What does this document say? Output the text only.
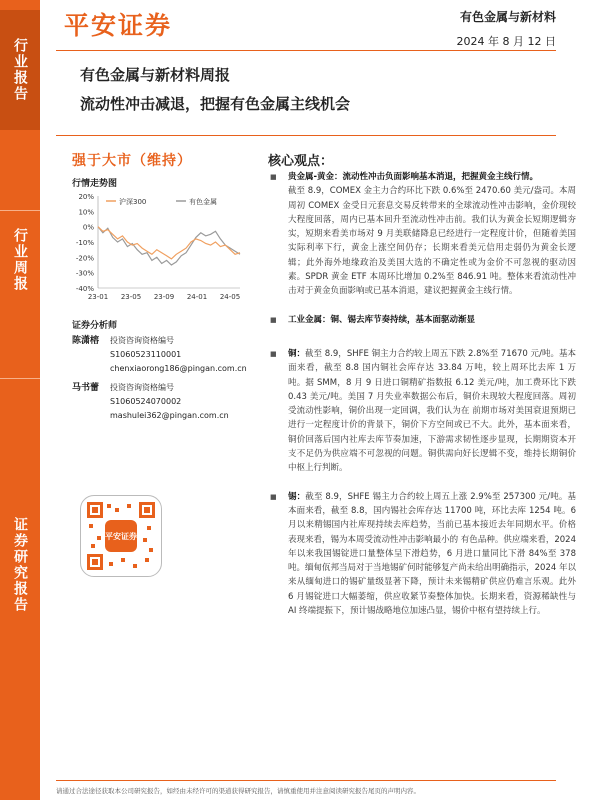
行业报告
行业周报
证券研究报告
平安证券	有色金属与新材料
2024 年 8 月 12 日
有色金属与新材料周报
流动性冲击减退，把握有色金属主线机会
强于大市（维持）	核心观点：
行情走势图
20%
10%
0%
-10%
-20%
-30%
-40%
23-01 23-05 23-09 24-01 24-05
沪深300	有色金属
证券分析师
陈潇榕	投资咨询资格编号
S1060523110001
chenxiaorong186@pingan.com.cn
马书蕾	投资咨询资格编号
S1060524070002
mashulei362@pingan.com.cn
平安证券
■ 贵金属-黄金：流动性冲击负面影响基本消退，把握黄金主线行情。
截至 8.9，COMEX 金主力合约环比下跌 0.6%至 2470.60 美元/盎司。本周周初 COMEX 金受日元套息交易反转带来的全球流动性冲击影响，金价现较大程度回落，周内已基本回升至流动性冲击前。我们认为黄金长短期逻辑夯实，短期来看美市场对 9 月美联储降息已经进行一定程度计价，但随着美国实际利率下行，黄金上涨空间仍存；长期来看美元信用走弱仍为黄金长逻辑；此外海外地缘政治及美国大选的不确定性或为金价不可忽视的驱动因素。SPDR 黄金 ETF 本周环比增加 0.2%至 846.91 吨。整体来看流动性冲击对于黄金负面影响或已基本消退，建议把握黄金主线行情。
■ 工业金属：铜、锡去库节奏持续，基本面驱动渐显
■ 铜：截至 8.9，SHFE 铜主力合约较上周五下跌 2.8%至 71670 元/吨。基本面来看，截至 8.8 国内铜社会库存达 33.84 万吨，较上周环比去库 1 万吨。据 SMM，8 月 9 日进口铜精矿指数报 6.12 美元/吨，加工费环比下跌 0.43 美元/吨。美国 7 月失业率数据公布后，铜价未现较大程度回落。周初受流动性影响，铜价出现一定回调，我们认为在 前期市场对美国衰退预期已进行一定程度计价的背景下，铜价下方空间或已不大。此外，基本面来看，铜价回落后国内社库去库节奏加速，下游需求韧性逐步显现，长期期资本开支不足仍为供应端不可忽视的问题。铜供需向好长逻辑不变，维持长期铜价中枢上行判断。
■ 锡：截至 8.9，SHFE 锡主力合约较上周五上涨 2.9%至 257300 元/吨。基本面来看，截至 8.8，国内锡社会库存达 11700 吨，环比去库 1254 吨。6 月以来精锡国内社库现持续去库趋势，当前已基本接近去年同期水平。价格表现来看，锡为本周受流动性冲击影响最小的 有色品种。供应端来看，2024 年以来我国锡锭进口量整体呈下滑趋势，6 月进口量同比下滑 84%至 378 吨。缅甸佤邦当局对于当地锡矿何时能够复产尚未给出明确指示，2024 年以来从缅甸进口的锡矿量级显著下降，预计未来锡精矿供应仍难言乐观。此外 6 月锡锭进口大幅萎缩，供应收紧节奏整体加快。长期来看，资源稀缺性与 AI 终端提振下，预计锡战略地位加速凸显，锡价中枢有望持续上行。
请通过合法途径获取本公司研究报告，如经由未经许可的渠道获得研究报告，请慎重使用并注意阅读研究报告尾页的声明内容。
